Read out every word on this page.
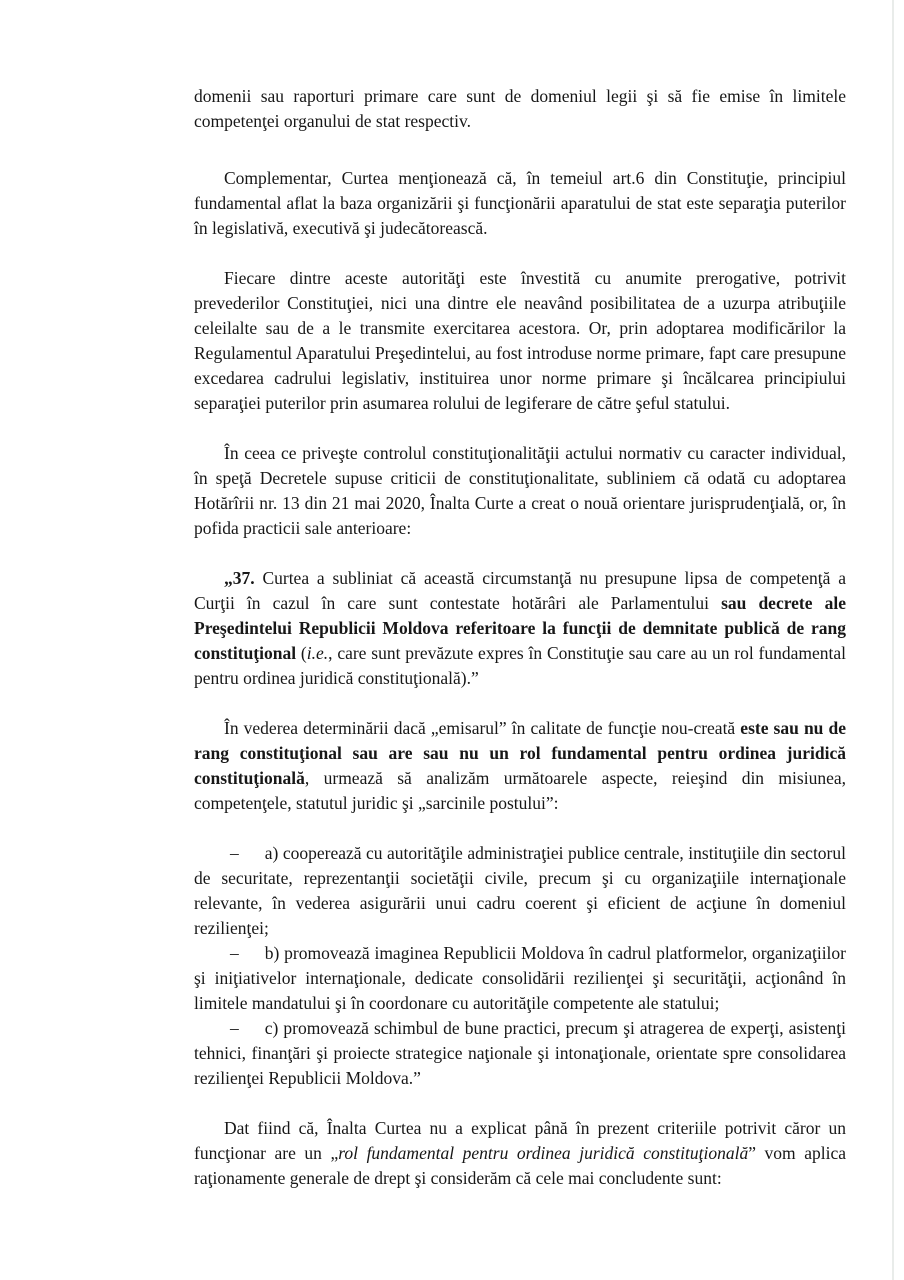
domenii sau raporturi primare care sunt de domeniul legii şi să fie emise în limitele competenţei organului de stat respectiv.

Complementar, Curtea menţionează că, în temeiul art.6 din Constituţie, principiul fundamental aflat la baza organizării şi funcţionării aparatului de stat este separaţia puterilor în legislativă, executivă şi judecătorească.

Fiecare dintre aceste autorităţi este învestită cu anumite prerogative, potrivit prevederilor Constituţiei, nici una dintre ele neavând posibilitatea de a uzurpa atribuţiile celeilalte sau de a le transmite exercitarea acestora. Or, prin adoptarea modificărilor la Regulamentul Aparatului Preşedintelui, au fost introduse norme primare, fapt care presupune excedarea cadrului legislativ, instituirea unor norme primare şi încălcarea principiului separaţiei puterilor prin asumarea rolului de legiferare de către şeful statului.

În ceea ce priveşte controlul constituţionalităţii actului normativ cu caracter individual, în speţă Decretele supuse criticii de constituţionalitate, subliniem că odată cu adoptarea Hotărîrii nr. 13 din 21 mai 2020, Înalta Curte a creat o nouă orientare jurisprudenţială, or, în pofida practicii sale anterioare:

„37. Curtea a subliniat că această circumstanţă nu presupune lipsa de competenţă a Curţii în cazul în care sunt contestate hotărâri ale Parlamentului sau decrete ale Preşedintelui Republicii Moldova referitoare la funcţii de demnitate publică de rang constituţional (i.e., care sunt prevăzute expres în Constituţie sau care au un rol fundamental pentru ordinea juridică constituţională).”

În vederea determinării dacă „emisarul” în calitate de funcţie nou-creată este sau nu de rang constituţional sau are sau nu un rol fundamental pentru ordinea juridică constituţională, urmează să analizăm următoarele aspecte, reieşind din misiunea, competenţele, statutul juridic şi „sarcinile postului”:

– a) cooperează cu autorităţile administraţiei publice centrale, instituţiile din sectorul de securitate, reprezentanţii societăţii civile, precum şi cu organizaţiile internaţionale relevante, în vederea asigurării unui cadru coerent şi eficient de acţiune în domeniul rezilienţei;

– b) promovează imaginea Republicii Moldova în cadrul platformelor, organizaţiilor şi iniţiativelor internaţionale, dedicate consolidării rezilienţei şi securităţii, acţionând în limitele mandatului şi în coordonare cu autorităţile competente ale statului;

– c) promovează schimbul de bune practici, precum şi atragerea de experţi, asistenţi tehnici, finanţări şi proiecte strategice naţionale şi intonaţionale, orientate spre consolidarea rezilienţei Republicii Moldova.”

Dat fiind că, Înalta Curtea nu a explicat până în prezent criteriile potrivit căror un funcţionar are un „rol fundamental pentru ordinea juridică constituţională” vom aplica raţionamente generale de drept şi considerăm că cele mai concludente sunt:
